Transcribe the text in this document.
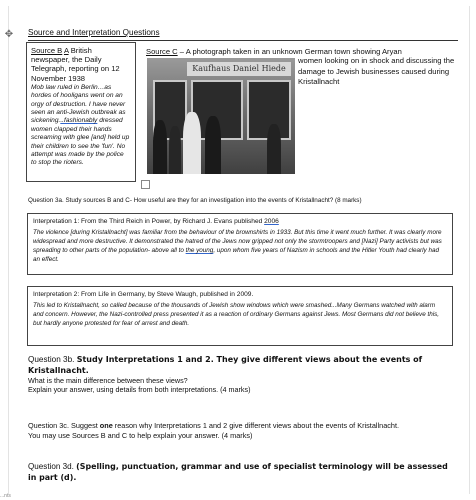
✥ Source and Interpretation Questions
Source B A British newspaper, the Daily Telegraph, reporting on 12 November 1938
Mob law ruled in Berlin…as hordes of hooligans went on an orgy of destruction. I have never seen an anti-Jewish outbreak as sickening...fashionably dressed women clapped their hands screaming with glee [and] held up their children to see the 'fun'. No attempt was made by the police to stop the rioters.
Source C – A photograph taken in an unknown German town showing Aryan
women looking on in shock and discussing the damage to Jewish businesses caused during Kristallnacht
Kaufhaus Daniel Hiede
Question 3a. Study sources B and C- How useful are they for an investigation into the events of Kristallnacht? (8 marks)
Interpretation 1: From the Third Reich in Power, by Richard J. Evans published 2006
The violence [during Kristallnacht] was familiar from the behaviour of the brownshirts in 1933. But this time it went much further. It was clearly more widespread and more destructive. It demonstrated the hatred of the Jews now gripped not only the stormtroopers and [Nazi] Party activists but was spreading to other parts of the population- above all to the young, upon whom five years of Nazism in schools and the Hitler Youth had clearly had an effect.
Interpretation 2: From Life in Germany, by Steve Waugh, published in 2009.
This led to Kristallnacht, so called because of the thousands of Jewish show windows which were smashed...Many Germans watched with alarm and concern. However, the Nazi-controlled press presented it as a reaction of ordinary Germans against Jews. Most Germans did not believe this, but hardly anyone protested for fear of arrest and death.
Question 3b. Study Interpretations 1 and 2. They give different views about the events of Kristallnacht.
What is the main difference between these views?
Explain your answer, using details from both interpretations. (4 marks)
Question 3c. Suggest one reason why Interpretations 1 and 2 give different views about the events of Kristallnacht.
You may use Sources B and C to help explain your answer. (4 marks)
Question 3d. (Spelling, punctuation, grammar and use of specialist terminology will be assessed in part (d).
...nts
